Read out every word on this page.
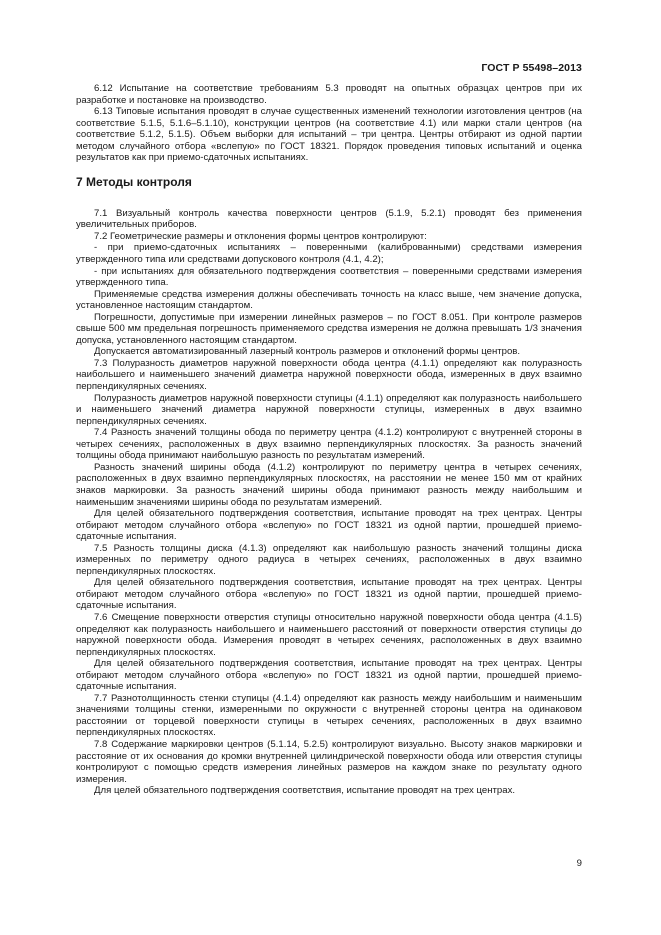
ГОСТ Р 55498–2013

6.12 Испытание на соответствие требованиям 5.3 проводят на опытных образцах центров при их разработке и постановке на производство.

6.13 Типовые испытания проводят в случае существенных изменений технологии изготовления центров (на соответствие 5.1.5, 5.1.6–5.1.10), конструкции центров (на соответствие 4.1) или марки стали центров (на соответствие 5.1.2, 5.1.5). Объем выборки для испытаний – три центра. Центры отбирают из одной партии методом случайного отбора «вслепую» по ГОСТ 18321. Порядок проведения типовых испытаний и оценка результатов как при приемо-сдаточных испытаниях.

7 Методы контроля

7.1 Визуальный контроль качества поверхности центров (5.1.9, 5.2.1) проводят без применения увеличительных приборов.

7.2 Геометрические размеры и отклонения формы центров контролируют:

- при приемо-сдаточных испытаниях – поверенными (калиброванными) средствами измерения утвержденного типа или средствами допускового контроля (4.1, 4.2);

- при испытаниях для обязательного подтверждения соответствия – поверенными средствами измерения утвержденного типа.

Применяемые средства измерения должны обеспечивать точность на класс выше, чем значение допуска, установленное настоящим стандартом.

Погрешности, допустимые при измерении линейных размеров – по ГОСТ 8.051. При контроле размеров свыше 500 мм предельная погрешность применяемого средства измерения не должна превышать 1/3 значения допуска, установленного настоящим стандартом.

Допускается автоматизированный лазерный контроль размеров и отклонений формы центров.

7.3 Полуразность диаметров наружной поверхности обода центра (4.1.1) определяют как полуразность наибольшего и наименьшего значений диаметра наружной поверхности обода, измеренных в двух взаимно перпендикулярных сечениях.

Полуразность диаметров наружной поверхности ступицы (4.1.1) определяют как полуразность наибольшего и наименьшего значений диаметра наружной поверхности ступицы, измеренных в двух взаимно перпендикулярных сечениях.

7.4 Разность значений толщины обода по периметру центра (4.1.2) контролируют с внутренней стороны в четырех сечениях, расположенных в двух взаимно перпендикулярных плоскостях. За разность значений толщины обода принимают наибольшую разность по результатам измерений.

Разность значений ширины обода (4.1.2) контролируют по периметру центра в четырех сечениях, расположенных в двух взаимно перпендикулярных плоскостях, на расстоянии не менее 150 мм от крайних знаков маркировки. За разность значений ширины обода принимают разность между наибольшим и наименьшим значениями ширины обода по результатам измерений.

Для целей обязательного подтверждения соответствия, испытание проводят на трех центрах. Центры отбирают методом случайного отбора «вслепую» по ГОСТ 18321 из одной партии, прошедшей приемо-сдаточные испытания.

7.5 Разность толщины диска (4.1.3) определяют как наибольшую разность значений толщины диска измеренных по периметру одного радиуса в четырех сечениях, расположенных в двух взаимно перпендикулярных плоскостях.

Для целей обязательного подтверждения соответствия, испытание проводят на трех центрах. Центры отбирают методом случайного отбора «вслепую» по ГОСТ 18321 из одной партии, прошедшей приемо-сдаточные испытания.

7.6 Смещение поверхности отверстия ступицы относительно наружной поверхности обода центра (4.1.5) определяют как полуразность наибольшего и наименьшего расстояний от поверхности отверстия ступицы до наружной поверхности обода. Измерения проводят в четырех сечениях, расположенных в двух взаимно перпендикулярных плоскостях.

Для целей обязательного подтверждения соответствия, испытание проводят на трех центрах. Центры отбирают методом случайного отбора «вслепую» по ГОСТ 18321 из одной партии, прошедшей приемо-сдаточные испытания.

7.7 Разнотолщинность стенки ступицы (4.1.4) определяют как разность между наибольшим и наименьшим значениями толщины стенки, измеренными по окружности с внутренней стороны центра на одинаковом расстоянии от торцевой поверхности ступицы в четырех сечениях, расположенных в двух взаимно перпендикулярных плоскостях.

7.8 Содержание маркировки центров (5.1.14, 5.2.5) контролируют визуально. Высоту знаков маркировки и расстояние от их основания до кромки внутренней цилиндрической поверхности обода или отверстия ступицы контролируют с помощью средств измерения линейных размеров на каждом знаке по результату одного измерения.

Для целей обязательного подтверждения соответствия, испытание проводят на трех центрах.

9
